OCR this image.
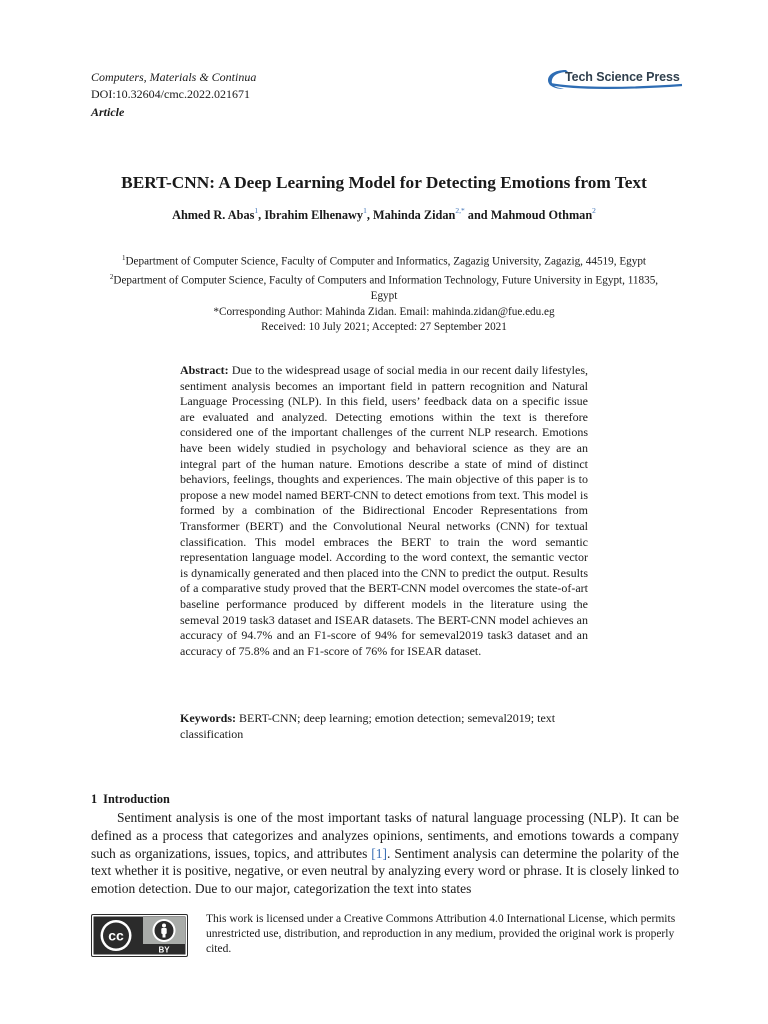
Computers, Materials & Continua
DOI:10.32604/cmc.2022.021671
Article
Tech Science Press
BERT-CNN: A Deep Learning Model for Detecting Emotions from Text
Ahmed R. Abas$^1$, Ibrahim Elhenawy$^1$, Mahinda Zidan$^{2,*}$ and Mahmoud Othman$^2$
$^1$Department of Computer Science, Faculty of Computer and Informatics, Zagazig University, Zagazig, 44519, Egypt
$^2$Department of Computer Science, Faculty of Computers and Information Technology, Future University in Egypt, 11835, Egypt
*Corresponding Author: Mahinda Zidan. Email: mahinda.zidan@fue.edu.eg
Received: 10 July 2021; Accepted: 27 September 2021
Abstract: Due to the widespread usage of social media in our recent daily lifestyles, sentiment analysis becomes an important field in pattern recognition and Natural Language Processing (NLP). In this field, users’ feedback data on a specific issue are evaluated and analyzed. Detecting emotions within the text is therefore considered one of the important challenges of the current NLP research. Emotions have been widely studied in psychology and behavioral science as they are an integral part of the human nature. Emotions describe a state of mind of distinct behaviors, feelings, thoughts and experiences. The main objective of this paper is to propose a new model named BERT-CNN to detect emotions from text. This model is formed by a combination of the Bidirectional Encoder Representations from Transformer (BERT) and the Convolutional Neural networks (CNN) for textual classification. This model embraces the BERT to train the word semantic representation language model. According to the word context, the semantic vector is dynamically generated and then placed into the CNN to predict the output. Results of a comparative study proved that the BERT-CNN model overcomes the state-of-art baseline performance produced by different models in the literature using the semeval 2019 task3 dataset and ISEAR datasets. The BERT-CNN model achieves an accuracy of 94.7% and an F1-score of 94% for semeval2019 task3 dataset and an accuracy of 75.8% and an F1-score of 76% for ISEAR dataset.
Keywords: BERT-CNN; deep learning; emotion detection; semeval2019; text classification
1 Introduction
Sentiment analysis is one of the most important tasks of natural language processing (NLP). It can be defined as a process that categorizes and analyzes opinions, sentiments, and emotions towards a company such as organizations, issues, topics, and attributes [1]. Sentiment analysis can determine the polarity of the text whether it is positive, negative, or even neutral by analyzing every word or phrase. It is closely linked to emotion detection. Due to our major, categorization the text into states
cc
BY
This work is licensed under a Creative Commons Attribution 4.0 International License, which permits unrestricted use, distribution, and reproduction in any medium, provided the original work is properly cited.
